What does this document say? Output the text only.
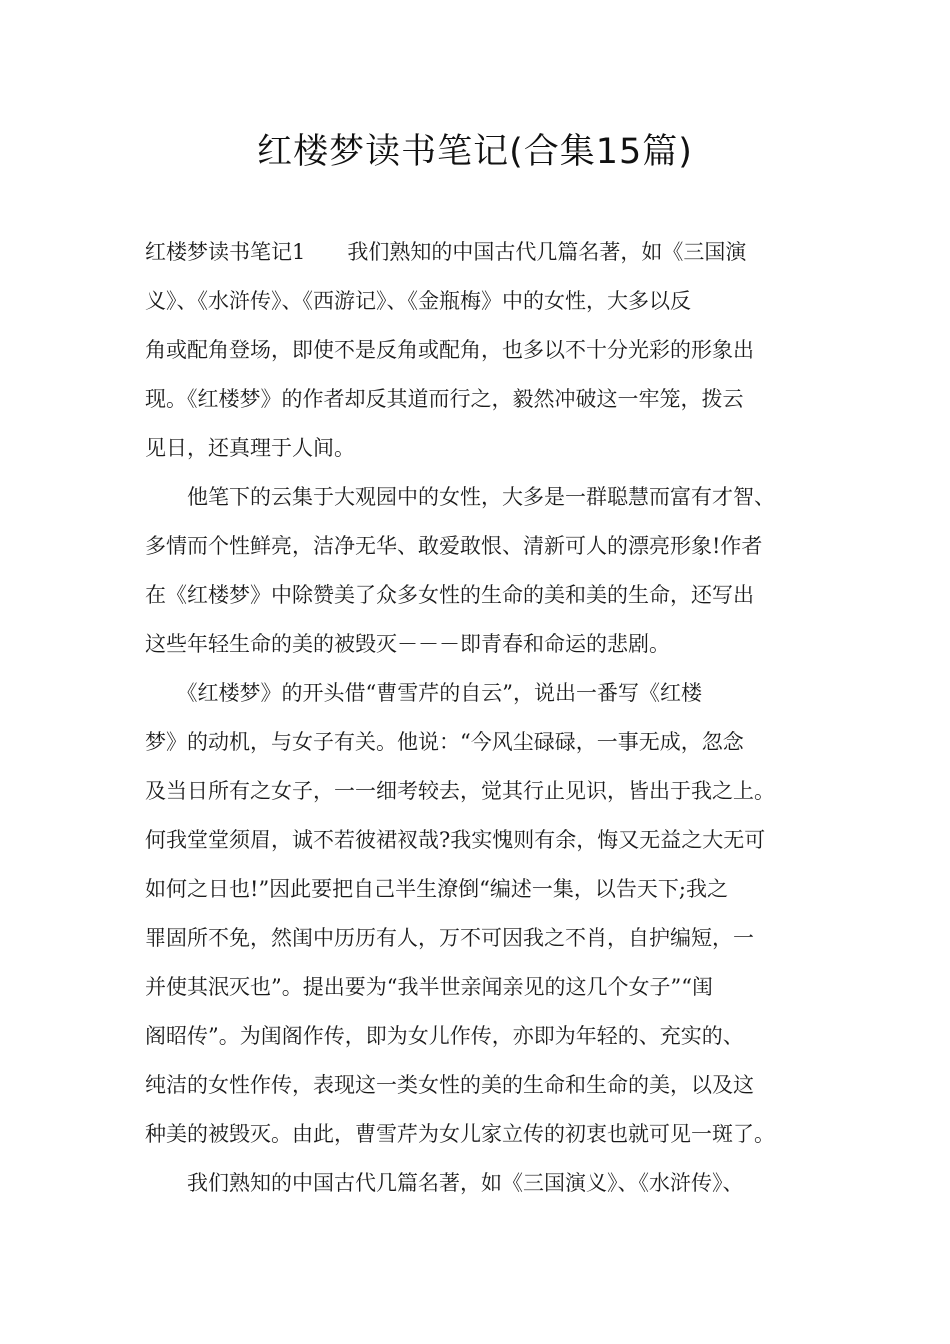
红楼梦读书笔记(合集15篇)
红楼梦读书笔记1　　我们熟知的中国古代几篇名著，如《三国演
义》、《水浒传》、《西游记》、《金瓶梅》中的女性，大多以反
角或配角登场，即使不是反角或配角，也多以不十分光彩的形象出
现。《红楼梦》的作者却反其道而行之，毅然冲破这一牢笼，拨云
见日，还真理于人间。
　　他笔下的云集于大观园中的女性，大多是一群聪慧而富有才智、
多情而个性鲜亮，洁净无华、敢爱敢恨、清新可人的漂亮形象!作者
在《红楼梦》中除赞美了众多女性的生命的美和美的生命，还写出
这些年轻生命的美的被毁灭－－－即青春和命运的悲剧。
　　《红楼梦》的开头借“曹雪芹的自云”，说出一番写《红楼
梦》的动机，与女子有关。他说：“今风尘碌碌，一事无成，忽念
及当日所有之女子，一一细考较去，觉其行止见识，皆出于我之上。
何我堂堂须眉，诚不若彼裙衩哉?我实愧则有余，悔又无益之大无可
如何之日也!”因此要把自己半生潦倒“编述一集，以告天下;我之
罪固所不免，然闺中历历有人，万不可因我之不肖，自护编短，一
并使其泯灭也”。提出要为“我半世亲闻亲见的这几个女子”“闺
阁昭传”。为闺阁作传，即为女儿作传，亦即为年轻的、充实的、
纯洁的女性作传，表现这一类女性的美的生命和生命的美，以及这
种美的被毁灭。由此，曹雪芹为女儿家立传的初衷也就可见一斑了。
　　我们熟知的中国古代几篇名著，如《三国演义》、《水浒传》、
